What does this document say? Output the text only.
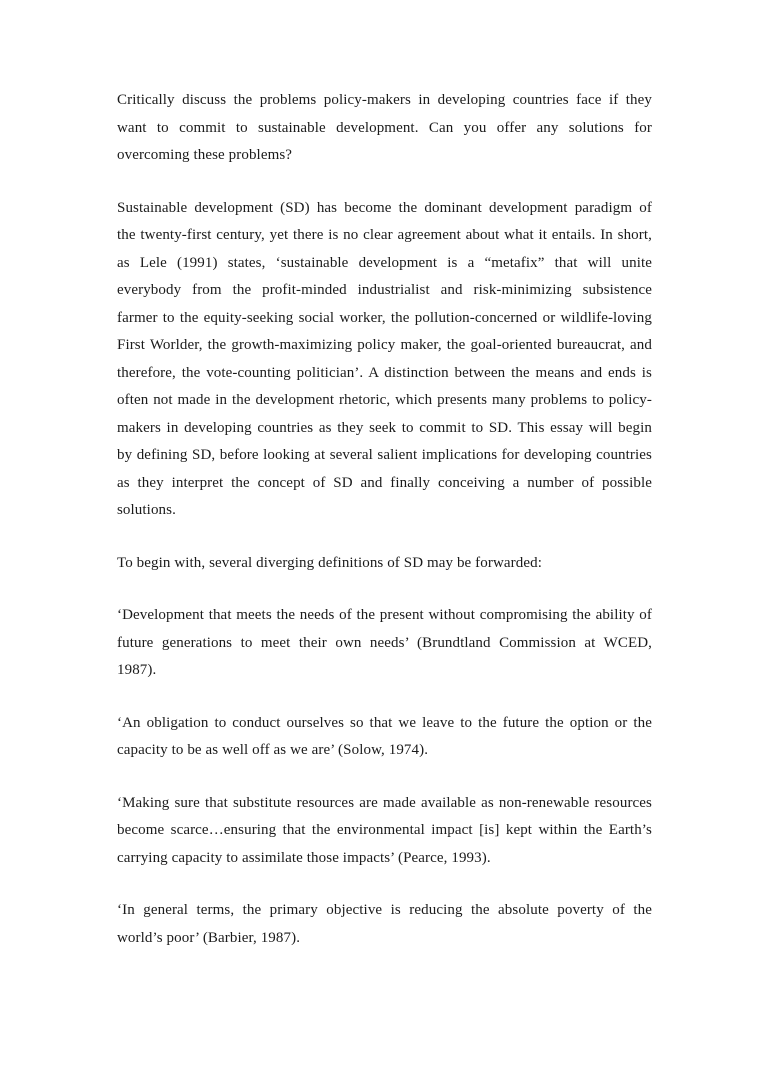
Critically discuss the problems policy-makers in developing countries face if they
want to commit to sustainable development. Can you offer any solutions for
overcoming these problems?

Sustainable development (SD) has become the dominant development paradigm of
the twenty-first century, yet there is no clear agreement about what it entails. In short,
as Lele (1991) states, ‘sustainable development is a “metafix” that will unite
everybody from the profit-minded industrialist and risk-minimizing subsistence
farmer to the equity-seeking social worker, the pollution-concerned or wildlife-loving
First Worlder, the growth-maximizing policy maker, the goal-oriented bureaucrat, and
therefore, the vote-counting politician’. A distinction between the means and ends is
often not made in the development rhetoric, which presents many problems to policy-
makers in developing countries as they seek to commit to SD. This essay will begin
by defining SD, before looking at several salient implications for developing countries
as they interpret the concept of SD and finally conceiving a number of possible
solutions.

To begin with, several diverging definitions of SD may be forwarded:

‘Development that meets the needs of the present without compromising the ability of
future generations to meet their own needs’ (Brundtland Commission at WCED,
1987).

‘An obligation to conduct ourselves so that we leave to the future the option or the
capacity to be as well off as we are’ (Solow, 1974).

‘Making sure that substitute resources are made available as non-renewable resources
become scarce…ensuring that the environmental impact [is] kept within the Earth’s
carrying capacity to assimilate those impacts’ (Pearce, 1993).

‘In general terms, the primary objective is reducing the absolute poverty of the
world’s poor’ (Barbier, 1987).
